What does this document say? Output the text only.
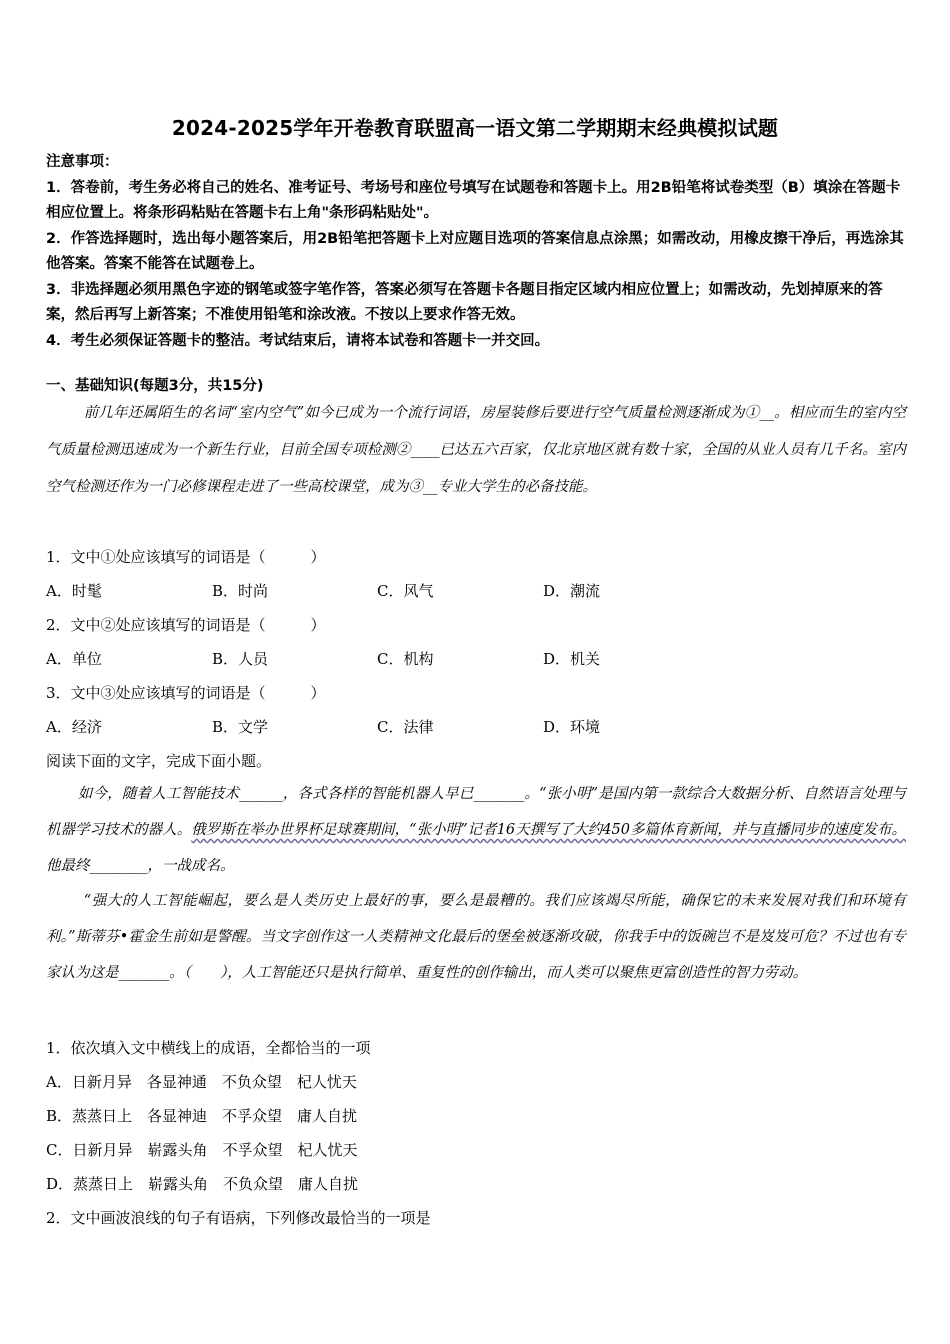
2024-2025学年开卷教育联盟高一语文第二学期期末经典模拟试题

注意事项：

1．答卷前，考生务必将自己的姓名、准考证号、考场号和座位号填写在试题卷和答题卡上。用2B铅笔将试卷类型（B）填涂在答题卡相应位置上。将条形码粘贴在答题卡右上角"条形码粘贴处"。

2．作答选择题时，选出每小题答案后，用2B铅笔把答题卡上对应题目选项的答案信息点涂黑；如需改动，用橡皮擦干净后，再选涂其他答案。答案不能答在试题卷上。

3．非选择题必须用黑色字迹的钢笔或签字笔作答，答案必须写在答题卡各题目指定区域内相应位置上；如需改动，先划掉原来的答案，然后再写上新答案；不准使用铅笔和涂改液。不按以上要求作答无效。

4．考生必须保证答题卡的整洁。考试结束后，请将本试卷和答题卡一并交回。

一、基础知识(每题3分，共15分)

前几年还属陌生的名词“室内空气”如今已成为一个流行词语，房屋装修后要进行空气质量检测逐渐成为①__。相应而生的室内空气质量检测迅速成为一个新生行业，目前全国专项检测②____已达五六百家，仅北京地区就有数十家，全国的从业人员有几千名。室内空气检测还作为一门必修课程走进了一些高校课堂，成为③__专业大学生的必备技能。

1．文中①处应该填写的词语是（　　　）

A．时髦	B．时尚	C．风气	D．潮流

2．文中②处应该填写的词语是（　　　）

A．单位	B．人员	C．机构	D．机关

3．文中③处应该填写的词语是（　　　）

A．经济	B．文学	C．法律	D．环境

阅读下面的文字，完成下面小题。

如今，随着人工智能技术______，各式各样的智能机器人早已_______。“张小明”是国内第一款综合大数据分析、自然语言处理与机器学习技术的器人。俄罗斯在举办世界杯足球赛期间，“张小明”记者16天撰写了大约450多篇体育新闻，并与直播同步的速度发布。他最终________，一战成名。

“强大的人工智能崛起，要么是人类历史上最好的事，要么是最糟的。我们应该竭尽所能，确保它的未来发展对我们和环境有利。”斯蒂芬•霍金生前如是警醒。当文字创作这一人类精神文化最后的堡垒被逐渐攻破，你我手中的饭碗岂不是岌岌可危？不过也有专家认为这是_______。（　　），人工智能还只是执行简单、重复性的创作输出，而人类可以聚焦更富创造性的智力劳动。

1．依次填入文中横线上的成语，全都恰当的一项

A．日新月异　各显神通　不负众望　杞人忧天

B．蒸蒸日上　各显神迪　不孚众望　庸人自扰

C．日新月异　崭露头角　不孚众望　杞人忧天

D．蒸蒸日上　崭露头角　不负众望　庸人自扰

2．文中画波浪线的句子有语病，下列修改最恰当的一项是
